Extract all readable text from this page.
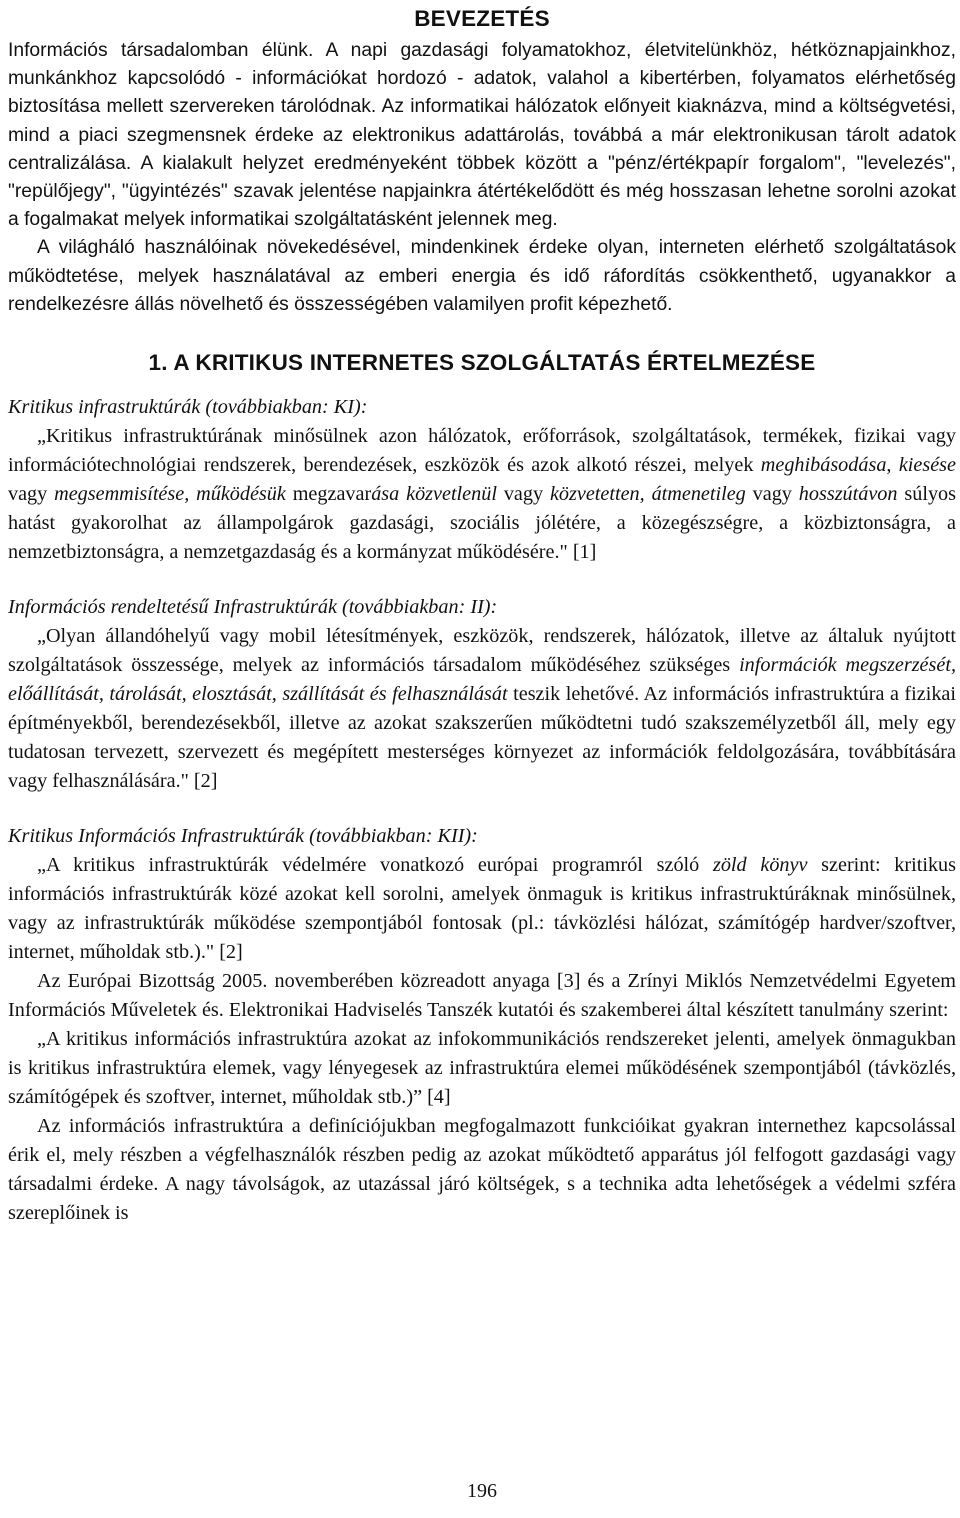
BEVEZETÉS

Információs társadalomban élünk. A napi gazdasági folyamatokhoz, életvitelünkhöz, hétköznapjainkhoz, munkánkhoz kapcsolódó - információkat hordozó - adatok, valahol a kibertérben, folyamatos elérhetőség biztosítása mellett szervereken tárolódnak. Az informatikai hálózatok előnyeit kiaknázva, mind a költségvetési, mind a piaci szegmensnek érdeke az elektronikus adattárolás, továbbá a már elektronikusan tárolt adatok centralizálása. A kialakult helyzet eredményeként többek között a "pénz/értékpapír forgalom", "levelezés", "repülőjegy", "ügyintézés" szavak jelentése napjainkra átértékelődött és még hosszasan lehetne sorolni azokat a fogalmakat melyek informatikai szolgáltatásként jelennek meg.

A világháló használóinak növekedésével, mindenkinek érdeke olyan, interneten elérhető szolgáltatások működtetése, melyek használatával az emberi energia és idő ráfordítás csökkenthető, ugyanakkor a rendelkezésre állás növelhető és összességében valamilyen profit képezhető.

1. A KRITIKUS INTERNETES SZOLGÁLTATÁS ÉRTELMEZÉSE

Kritikus infrastruktúrák (továbbiakban: KI):

„Kritikus infrastruktúrának minősülnek azon hálózatok, erőforrások, szolgáltatások, termékek, fizikai vagy információtechnológiai rendszerek, berendezések, eszközök és azok alkotó részei, melyek meghibásodása, kiesése vagy megsemmisítése, működésük megzavarása közvetlenül vagy közvetetten, átmenetileg vagy hosszútávon súlyos hatást gyakorolhat az állampolgárok gazdasági, szociális jólétére, a közegészségre, a közbiztonságra, a nemzetbiztonságra, a nemzetgazdaság és a kormányzat működésére." [1]

Információs rendeltetésű Infrastruktúrák (továbbiakban: II):

„Olyan állandóhelyű vagy mobil létesítmények, eszközök, rendszerek, hálózatok, illetve az általuk nyújtott szolgáltatások összessége, melyek az információs társadalom működéséhez szükséges információk megszerzését, előállítását, tárolását, elosztását, szállítását és felhasználását teszik lehetővé. Az információs infrastruktúra a fizikai építményekből, berendezésekből, illetve az azokat szakszerűen működtetni tudó szakszemélyzetből áll, mely egy tudatosan tervezett, szervezett és megépített mesterséges környezet az információk feldolgozására, továbbítására vagy felhasználására." [2]

Kritikus Információs Infrastruktúrák (továbbiakban: KII):

„A kritikus infrastruktúrák védelmére vonatkozó európai programról szóló zöld könyv szerint: kritikus információs infrastruktúrák közé azokat kell sorolni, amelyek önmaguk is kritikus infrastruktúráknak minősülnek, vagy az infrastruktúrák működése szempontjából fontosak (pl.: távközlési hálózat, számítógép hardver/szoftver, internet, műholdak stb.)." [2]

Az Európai Bizottság 2005. novemberében közreadott anyaga [3] és a Zrínyi Miklós Nemzetvédelmi Egyetem Információs Műveletek és. Elektronikai Hadviselés Tanszék kutatói és szakemberei által készített tanulmány szerint:

„A kritikus információs infrastruktúra azokat az infokommunikációs rendszereket jelenti, amelyek önmagukban is kritikus infrastruktúra elemek, vagy lényegesek az infrastruktúra elemei működésének szempontjából (távközlés, számítógépek és szoftver, internet, műholdak stb.)” [4]

Az információs infrastruktúra a definíciójukban megfogalmazott funkcióikat gyakran internethez kapcsolással érik el, mely részben a végfelhasználók részben pedig az azokat működtető apparátus jól felfogott gazdasági vagy társadalmi érdeke. A nagy távolságok, az utazással járó költségek, s a technika adta lehetőségek a védelmi szféra szereplőinek is

196
